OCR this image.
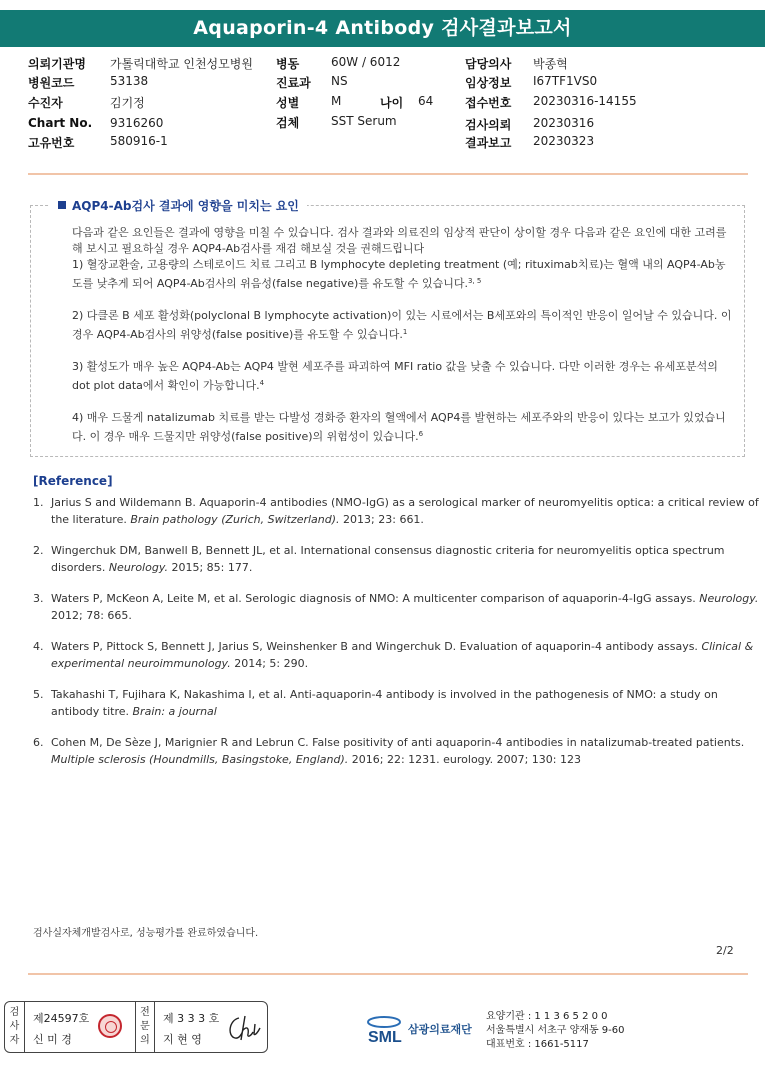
Aquaporin-4 Antibody 검사결과보고서
의뢰기관명 가톨릭대학교 인천성모병원
병원코드	53138
수진자	김기정
Chart No. 9316260
고유번호	580916-1
병동	60W / 6012
진료과 NS
성별	M	나이 64
검체	SST Serum
담당의사 박종혁
임상정보 I67TF1VS0
접수번호 20230316-14155
검사의뢰 20230316
결과보고 20230323
AQP4-Ab검사 결과에 영향을 미치는 요인

다음과 같은 요인들은 결과에 영향을 미칠 수 있습니다. 검사 결과와 의료진의 임상적 판단이 상이할 경우 다음과 같은 요인에 대한 고려를 해 보시고 필요하실 경우 AQP4-Ab검사를 재검 해보실 것을 권해드립니다

1) 혈장교환술, 고용량의 스테로이드 치료 그리고 B lymphocyte depleting treatment (예; rituximab치료)는 혈액 내의 AQP4-Ab농도를 낮추게 되어 AQP4-Ab검사의 위음성(false negative)를 유도할 수 있습니다.$^{3, 5}$

2) 다클론 B 세포 활성화(polyclonal B lymphocyte activation)이 있는 시료에서는 B세포와의 특이적인 반응이 일어날 수 있습니다. 이 경우 AQP4-Ab검사의 위양성(false positive)를 유도할 수 있습니다.$^1$

3) 활성도가 매우 높은 AQP4-Ab는 AQP4 발현 세포주를 파괴하여 MFI ratio 값을 낮출 수 있습니다. 다만 이러한 경우는 유세포분석의 dot plot data에서 확인이 가능합니다.$^4$

4) 매우 드물게 natalizumab 치료를 받는 다발성 경화증 환자의 혈액에서 AQP4를 발현하는 세포주와의 반응이 있다는 보고가 있었습니다. 이 경우 매우 드물지만 위양성(false positive)의 위험성이 있습니다.$^6$

[Reference]
1. Jarius S and Wildemann B. Aquaporin-4 antibodies (NMO-IgG) as a serological marker of neuromyelitis optica: a critical review of the literature. Brain pathology (Zurich, Switzerland). 2013; 23: 661.
2. Wingerchuk DM, Banwell B, Bennett JL, et al. International consensus diagnostic criteria for neuromyelitis optica spectrum disorders. Neurology. 2015; 85: 177.
3. Waters P, McKeon A, Leite M, et al. Serologic diagnosis of NMO: A multicenter comparison of aquaporin-4-IgG assays. Neurology. 2012; 78: 665.
4. Waters P, Pittock S, Bennett J, Jarius S, Weinshenker B and Wingerchuk D. Evaluation of aquaporin-4 antibody assays. Clinical & experimental neuroimmunology. 2014; 5: 290.
5. Takahashi T, Fujihara K, Nakashima I, et al. Anti-aquaporin-4 antibody is involved in the pathogenesis of NMO: a study on antibody titre. Brain: a journal
6. Cohen M, De Sèze J, Marignier R and Lebrun C. False positivity of anti aquaporin-4 antibodies in natalizumab-treated patients. Multiple sclerosis (Houndmills, Basingstoke, England). 2016; 22: 1231. eurology. 2007; 130: 123
검사실자체개발검사로, 성능평가를 완료하였습니다.
2/2
검사자
제24597호
신 미 경
전문의
제 3 3 3 호
지 현 영	SML 삼광의료재단
요양기관 : 1 1 3 6 5 2 0 0
서울특별시 서초구 양재동 9-60
대표번호 : 1661-5117
